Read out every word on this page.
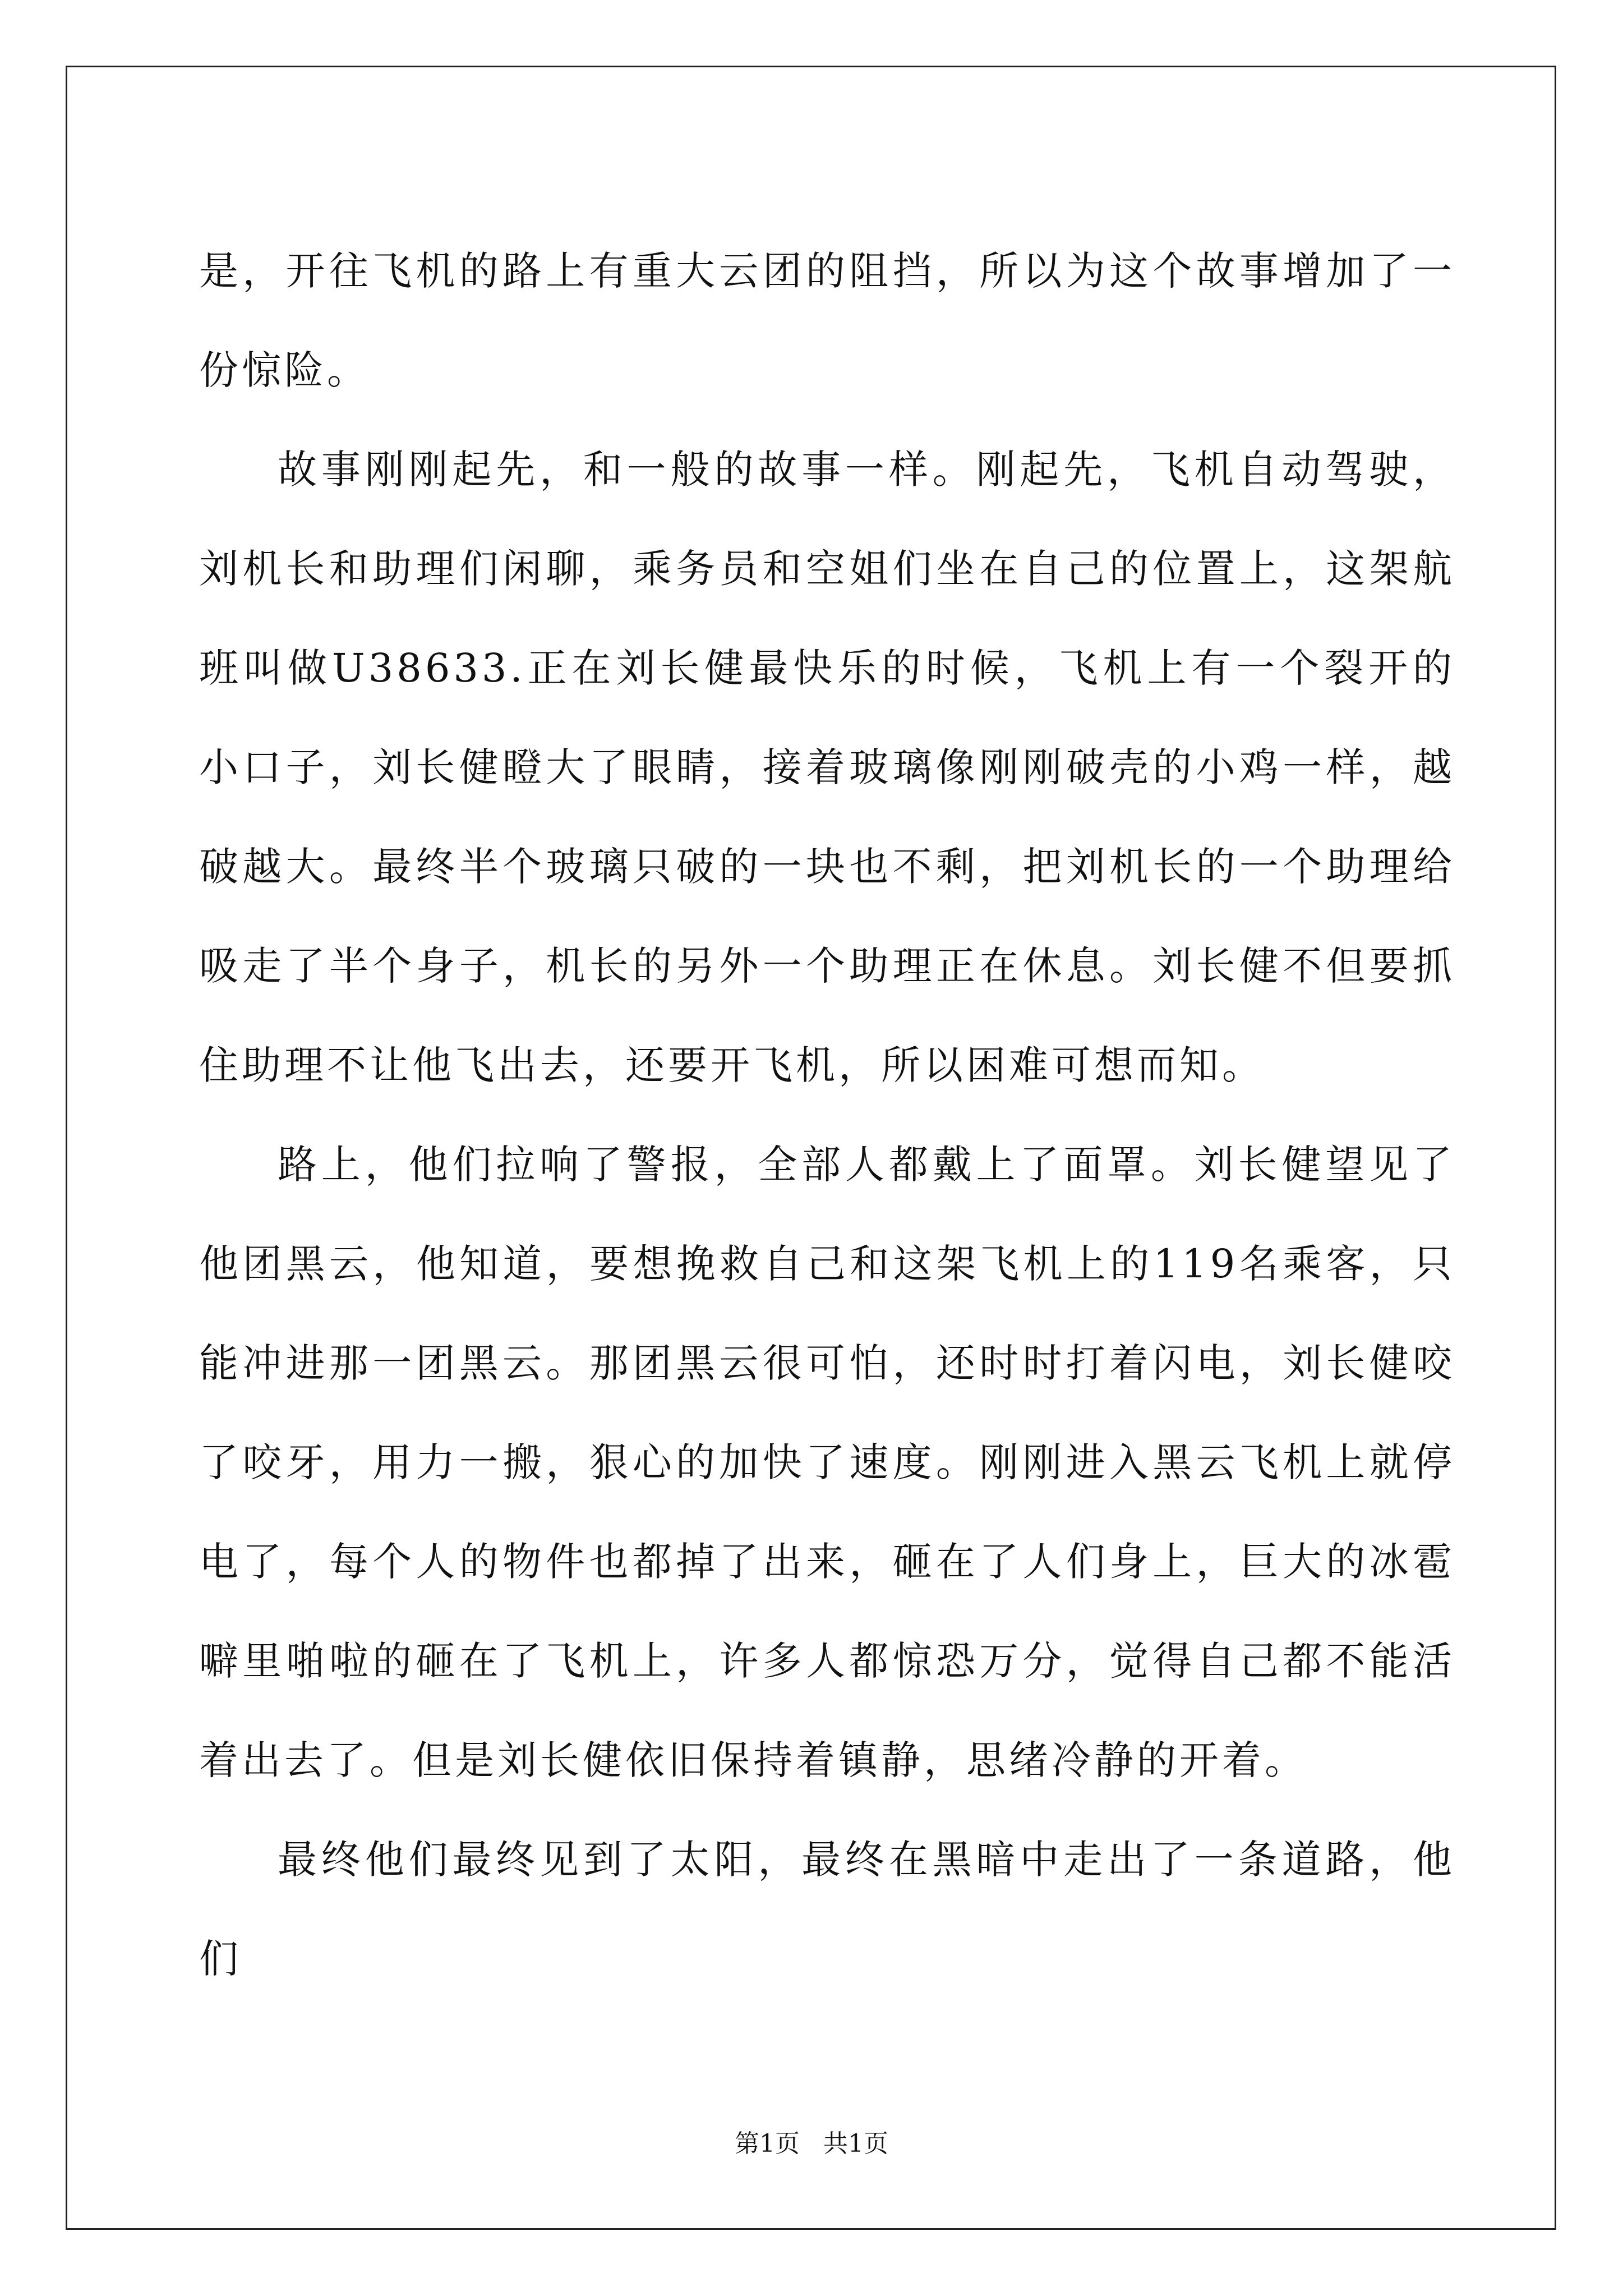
是，开往飞机的路上有重大云团的阻挡，所以为这个故事增加了一份惊险。

故事刚刚起先，和一般的故事一样。刚起先，飞机自动驾驶，刘机长和助理们闲聊，乘务员和空姐们坐在自己的位置上，这架航班叫做U38633.正在刘长健最快乐的时候，飞机上有一个裂开的小口子，刘长健瞪大了眼睛，接着玻璃像刚刚破壳的小鸡一样，越破越大。最终半个玻璃只破的一块也不剩，把刘机长的一个助理给吸走了半个身子，机长的另外一个助理正在休息。刘长健不但要抓住助理不让他飞出去，还要开飞机，所以困难可想而知。

路上，他们拉响了警报，全部人都戴上了面罩。刘长健望见了他团黑云，他知道，要想挽救自己和这架飞机上的119名乘客，只能冲进那一团黑云。那团黑云很可怕，还时时打着闪电，刘长健咬了咬牙，用力一搬，狠心的加快了速度。刚刚进入黑云飞机上就停电了，每个人的物件也都掉了出来，砸在了人们身上，巨大的冰雹噼里啪啦的砸在了飞机上，许多人都惊恐万分，觉得自己都不能活着出去了。但是刘长健依旧保持着镇静，思绪冷静的开着。

最终他们最终见到了太阳，最终在黑暗中走出了一条道路，他们

第1页 共1页
